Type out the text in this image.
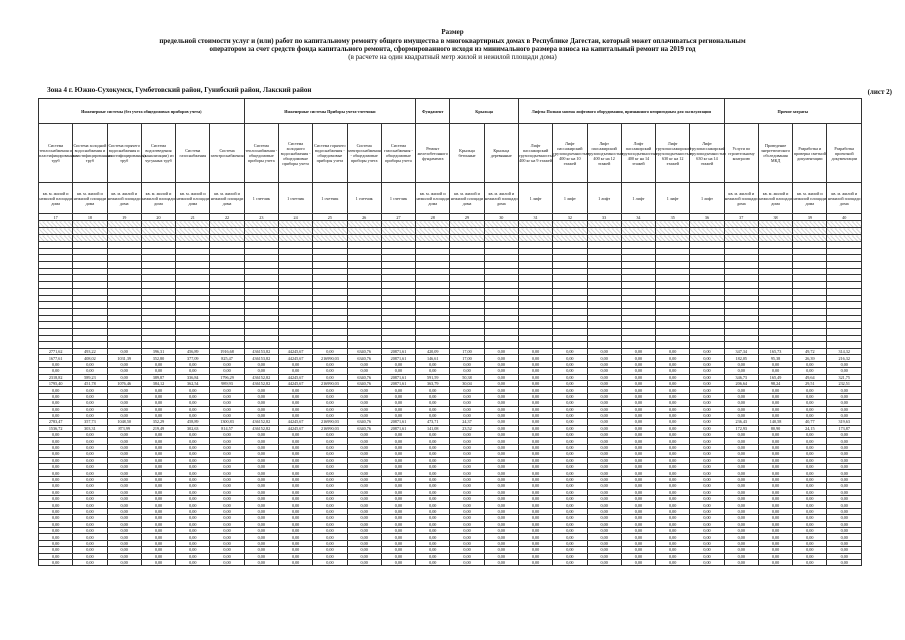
Размер
предельной стоимости услуг и (или) работ по капитальному ремонту общего имущества в многоквартирных домах в Республике Дагестан, который может оплачиваться региональным
оператором за счет средств фонда капитального ремонта, сформированного исходя из минимального размера взноса на капитальный ремонт на 2019 год
(в расчете на один квадратный метр жилой и нежилой площади дома)
Зона 4 г. Южно-Сухокумск, Гумбетовский район, Гунибский район, Лакский район	(лист 2)
Инженерные системы (без учета общедомовых приборов учета)						Инженерные системы Приборы учета-счетчики					Фундамент	Крыльца		Лифты Полная замена лифтового оборудования, признанного непригодным для эксплуатации						Прочие затраты			
Система теплоснабжения и пластифицированных труб	Система холодной водоснабжения и пластифицированных труб	Система горячего водоснабжения и пластифицированных труб	Система водоотведения (канализации) из чугунных труб	Система газоснабжения	Система электроснабжения	Система теплоснабжения - общедомовые приборы учета	Система холодного водоснабжения - общедомовые приборы учета	Система горячего водоснабжения - общедомовые приборы учета	Система электроснабжения - общедомовые приборы учета	Система газоснабжения - общедомовые приборы учета	Ремонт железобетонного фундамента	Крыльца бетонные	Крыльца деревянные	Лифт пассажирский грузоподъемностью 400 кг на 9 этажей	Лифт пассажирский грузоподъемностью 400 кг на 10 этажей	Лифт пассажирский грузоподъемностью 400 кг на 12 этажей	Лифт пассажирский грузоподъемностью 400 кг на 14 этажей	Лифт грузопассажирский грузоподъемностью 630 кг на 12 этажей	Лифт грузопассажирский грузоподъемностью 630 кг на 14 этажей	Услуги по строительному контролю	Проведение энергетического обследования МКД	Разработка и проверка сметной документации	Разработка проектной документации
кв. м. жилой и нежилой площади дома	кв. м. жилой и нежилой площади дома	кв. м. жилой и нежилой площади дома	кв. м. жилой и нежилой площади дома	кв. м. жилой и нежилой площади дома	кв. м. жилой и нежилой площади дома	1 счетчик	1 счетчик	1 счетчик	1 счетчик	1 счетчик	кв. м. жилой и нежилой площади дома	кв. м. жилой и нежилой площади дома	кв. м. жилой и нежилой площади дома	1 лифт	1 лифт	1 лифт	1 лифт	1 лифт	1 лифт	кв. м. жилой и нежилой площади дома	кв. м. жилой и нежилой площади дома	кв. м. жилой и нежилой площади дома	кв. м. жилой и нежилой площади дома
17	18	19	20	21	22	23	24	25	26	27	28	29	30	31	32	33	34	35	36	37	38	39	40

2771,62	493,22	0,00	396,31	456,89	1916,68	436153,82	44245,67	0,00	6340,76	20871,61	420,09	17,00	0,00	0,00	0,00	0,00	0,00	0,00	0,00	347,34	165,73	49,72	314,32
1677,61	408,02	1031,39	352,80	377,09	825,47	436153,82	44245,67	216990,03	6340,76	20871,61	146,61	17,00	0,00	0,00	0,00	0,00	0,00	0,00	0,00	182,05	95,38	26,39	216,32
0,00	0,00	0,00	0,00	0,00	0,00	0,00	0,00	0,00	0,00	0,00	0,00	0,00	0,00	0,00	0,00	0,00	0,00	0,00	0,00	0,00	0,00	0,00	0,00
0,00	0,00	0,00	0,00	0,00	0,00	0,00	0,00	0,00	0,00	0,00	0,00	0,00	0,00	0,00	0,00	0,00	0,00	0,00	0,00	0,00	0,00	0,00	0,00
2318,82	589,23	0,00	389,87	336,84	1796,29	436152,82	44245,67	0,00	6340,76	20871,61	591,59	50,38	0,00	0,00	0,00	0,00	0,00	0,00	0,00	346,73	165,49	49,64	321,75
1795,40	451,78	1076,46	384,12	362,54	989,93	436152,82	44245,67	216990,03	6340,76	20871,61	363,79	30,04	0,00	0,00	0,00	0,00	0,00	0,00	0,00	206,64	98,24	29,51	232,51
0,00	0,00	0,00	0,00	0,00	0,00	0,00	0,00	0,00	0,00	0,00	0,00	0,00	0,00	0,00	0,00	0,00	0,00	0,00	0,00	0,00	0,00	0,00	0,00
0,00	0,00	0,00	0,00	0,00	0,00	0,00	0,00	0,00	0,00	0,00	0,00	0,00	0,00	0,00	0,00	0,00	0,00	0,00	0,00	0,00	0,00	0,00	0,00
0,00	0,00	0,00	0,00	0,00	0,00	0,00	0,00	0,00	0,00	0,00	0,00	0,00	0,00	0,00	0,00	0,00	0,00	0,00	0,00	0,00	0,00	0,00	0,00
0,00	0,00	0,00	0,00	0,00	0,00	0,00	0,00	0,00	0,00	0,00	0,00	0,00	0,00	0,00	0,00	0,00	0,00	0,00	0,00	0,00	0,00	0,00	0,00
0,00	0,00	0,00	0,00	0,00	0,00	0,00	0,00	0,00	0,00	0,00	0,00	0,00	0,00	0,00	0,00	0,00	0,00	0,00	0,00	0,00	0,00	0,00	0,00
2783,47	357,73	1048,50	352,29	458,89	1300,83	436152,82	44245,67	216990,03	6340,76	20871,61	473,71	24,37	0,00	0,00	0,00	0,00	0,00	0,00	0,00	236,43	140,58	40,77	319,63
1536,72	303,31	873,99	219,49	302,63	814,57	436152,82	44245,67	216990,03	6340,76	20871,61	141,08	23,52	0,00	0,00	0,00	0,00	0,00	0,00	0,00	172,93	80,90	24,15	173,87
0,00	0,00	0,00	0,00	0,00	0,00	0,00	0,00	0,00	0,00	0,00	0,00	0,00	0,00	0,00	0,00	0,00	0,00	0,00	0,00	0,00	0,00	0,00	0,00
0,00	0,00	0,00	0,00	0,00	0,00	0,00	0,00	0,00	0,00	0,00	0,00	0,00	0,00	0,00	0,00	0,00	0,00	0,00	0,00	0,00	0,00	0,00	0,00
0,00	0,00	0,00	0,00	0,00	0,00	0,00	0,00	0,00	0,00	0,00	0,00	0,00	0,00	0,00	0,00	0,00	0,00	0,00	0,00	0,00	0,00	0,00	0,00
0,00	0,00	0,00	0,00	0,00	0,00	0,00	0,00	0,00	0,00	0,00	0,00	0,00	0,00	0,00	0,00	0,00	0,00	0,00	0,00	0,00	0,00	0,00	0,00
0,00	0,00	0,00	0,00	0,00	0,00	0,00	0,00	0,00	0,00	0,00	0,00	0,00	0,00	0,00	0,00	0,00	0,00	0,00	0,00	0,00	0,00	0,00	0,00
0,00	0,00	0,00	0,00	0,00	0,00	0,00	0,00	0,00	0,00	0,00	0,00	0,00	0,00	0,00	0,00	0,00	0,00	0,00	0,00	0,00	0,00	0,00	0,00
0,00	0,00	0,00	0,00	0,00	0,00	0,00	0,00	0,00	0,00	0,00	0,00	0,00	0,00	0,00	0,00	0,00	0,00	0,00	0,00	0,00	0,00	0,00	0,00
0,00	0,00	0,00	0,00	0,00	0,00	0,00	0,00	0,00	0,00	0,00	0,00	0,00	0,00	0,00	0,00	0,00	0,00	0,00	0,00	0,00	0,00	0,00	0,00
0,00	0,00	0,00	0,00	0,00	0,00	0,00	0,00	0,00	0,00	0,00	0,00	0,00	0,00	0,00	0,00	0,00	0,00	0,00	0,00	0,00	0,00	0,00	0,00
0,00	0,00	0,00	0,00	0,00	0,00	0,00	0,00	0,00	0,00	0,00	0,00	0,00	0,00	0,00	0,00	0,00	0,00	0,00	0,00	0,00	0,00	0,00	0,00
0,00	0,00	0,00	0,00	0,00	0,00	0,00	0,00	0,00	0,00	0,00	0,00	0,00	0,00	0,00	0,00	0,00	0,00	0,00	0,00	0,00	0,00	0,00	0,00
0,00	0,00	0,00	0,00	0,00	0,00	0,00	0,00	0,00	0,00	0,00	0,00	0,00	0,00	0,00	0,00	0,00	0,00	0,00	0,00	0,00	0,00	0,00	0,00
0,00	0,00	0,00	0,00	0,00	0,00	0,00	0,00	0,00	0,00	0,00	0,00	0,00	0,00	0,00	0,00	0,00	0,00	0,00	0,00	0,00	0,00	0,00	0,00
0,00	0,00	0,00	0,00	0,00	0,00	0,00	0,00	0,00	0,00	0,00	0,00	0,00	0,00	0,00	0,00	0,00	0,00	0,00	0,00	0,00	0,00	0,00	0,00
0,00	0,00	0,00	0,00	0,00	0,00	0,00	0,00	0,00	0,00	0,00	0,00	0,00	0,00	0,00	0,00	0,00	0,00	0,00	0,00	0,00	0,00	0,00	0,00
0,00	0,00	0,00	0,00	0,00	0,00	0,00	0,00	0,00	0,00	0,00	0,00	0,00	0,00	0,00	0,00	0,00	0,00	0,00	0,00	0,00	0,00	0,00	0,00
0,00	0,00	0,00	0,00	0,00	0,00	0,00	0,00	0,00	0,00	0,00	0,00	0,00	0,00	0,00	0,00	0,00	0,00	0,00	0,00	0,00	0,00	0,00	0,00
0,00	0,00	0,00	0,00	0,00	0,00	0,00	0,00	0,00	0,00	0,00	0,00	0,00	0,00	0,00	0,00	0,00	0,00	0,00	0,00	0,00	0,00	0,00	0,00
0,00	0,00	0,00	0,00	0,00	0,00	0,00	0,00	0,00	0,00	0,00	0,00	0,00	0,00	0,00	0,00	0,00	0,00	0,00	0,00	0,00	0,00	0,00	0,00
0,00	0,00	0,00	0,00	0,00	0,00	0,00	0,00	0,00	0,00	0,00	0,00	0,00	0,00	0,00	0,00	0,00	0,00	0,00	0,00	0,00	0,00	0,00	0,00
0,00	0,00	0,00	0,00	0,00	0,00	0,00	0,00	0,00	0,00	0,00	0,00	0,00	0,00	0,00	0,00	0,00	0,00	0,00	0,00	0,00	0,00	0,00	0,00
